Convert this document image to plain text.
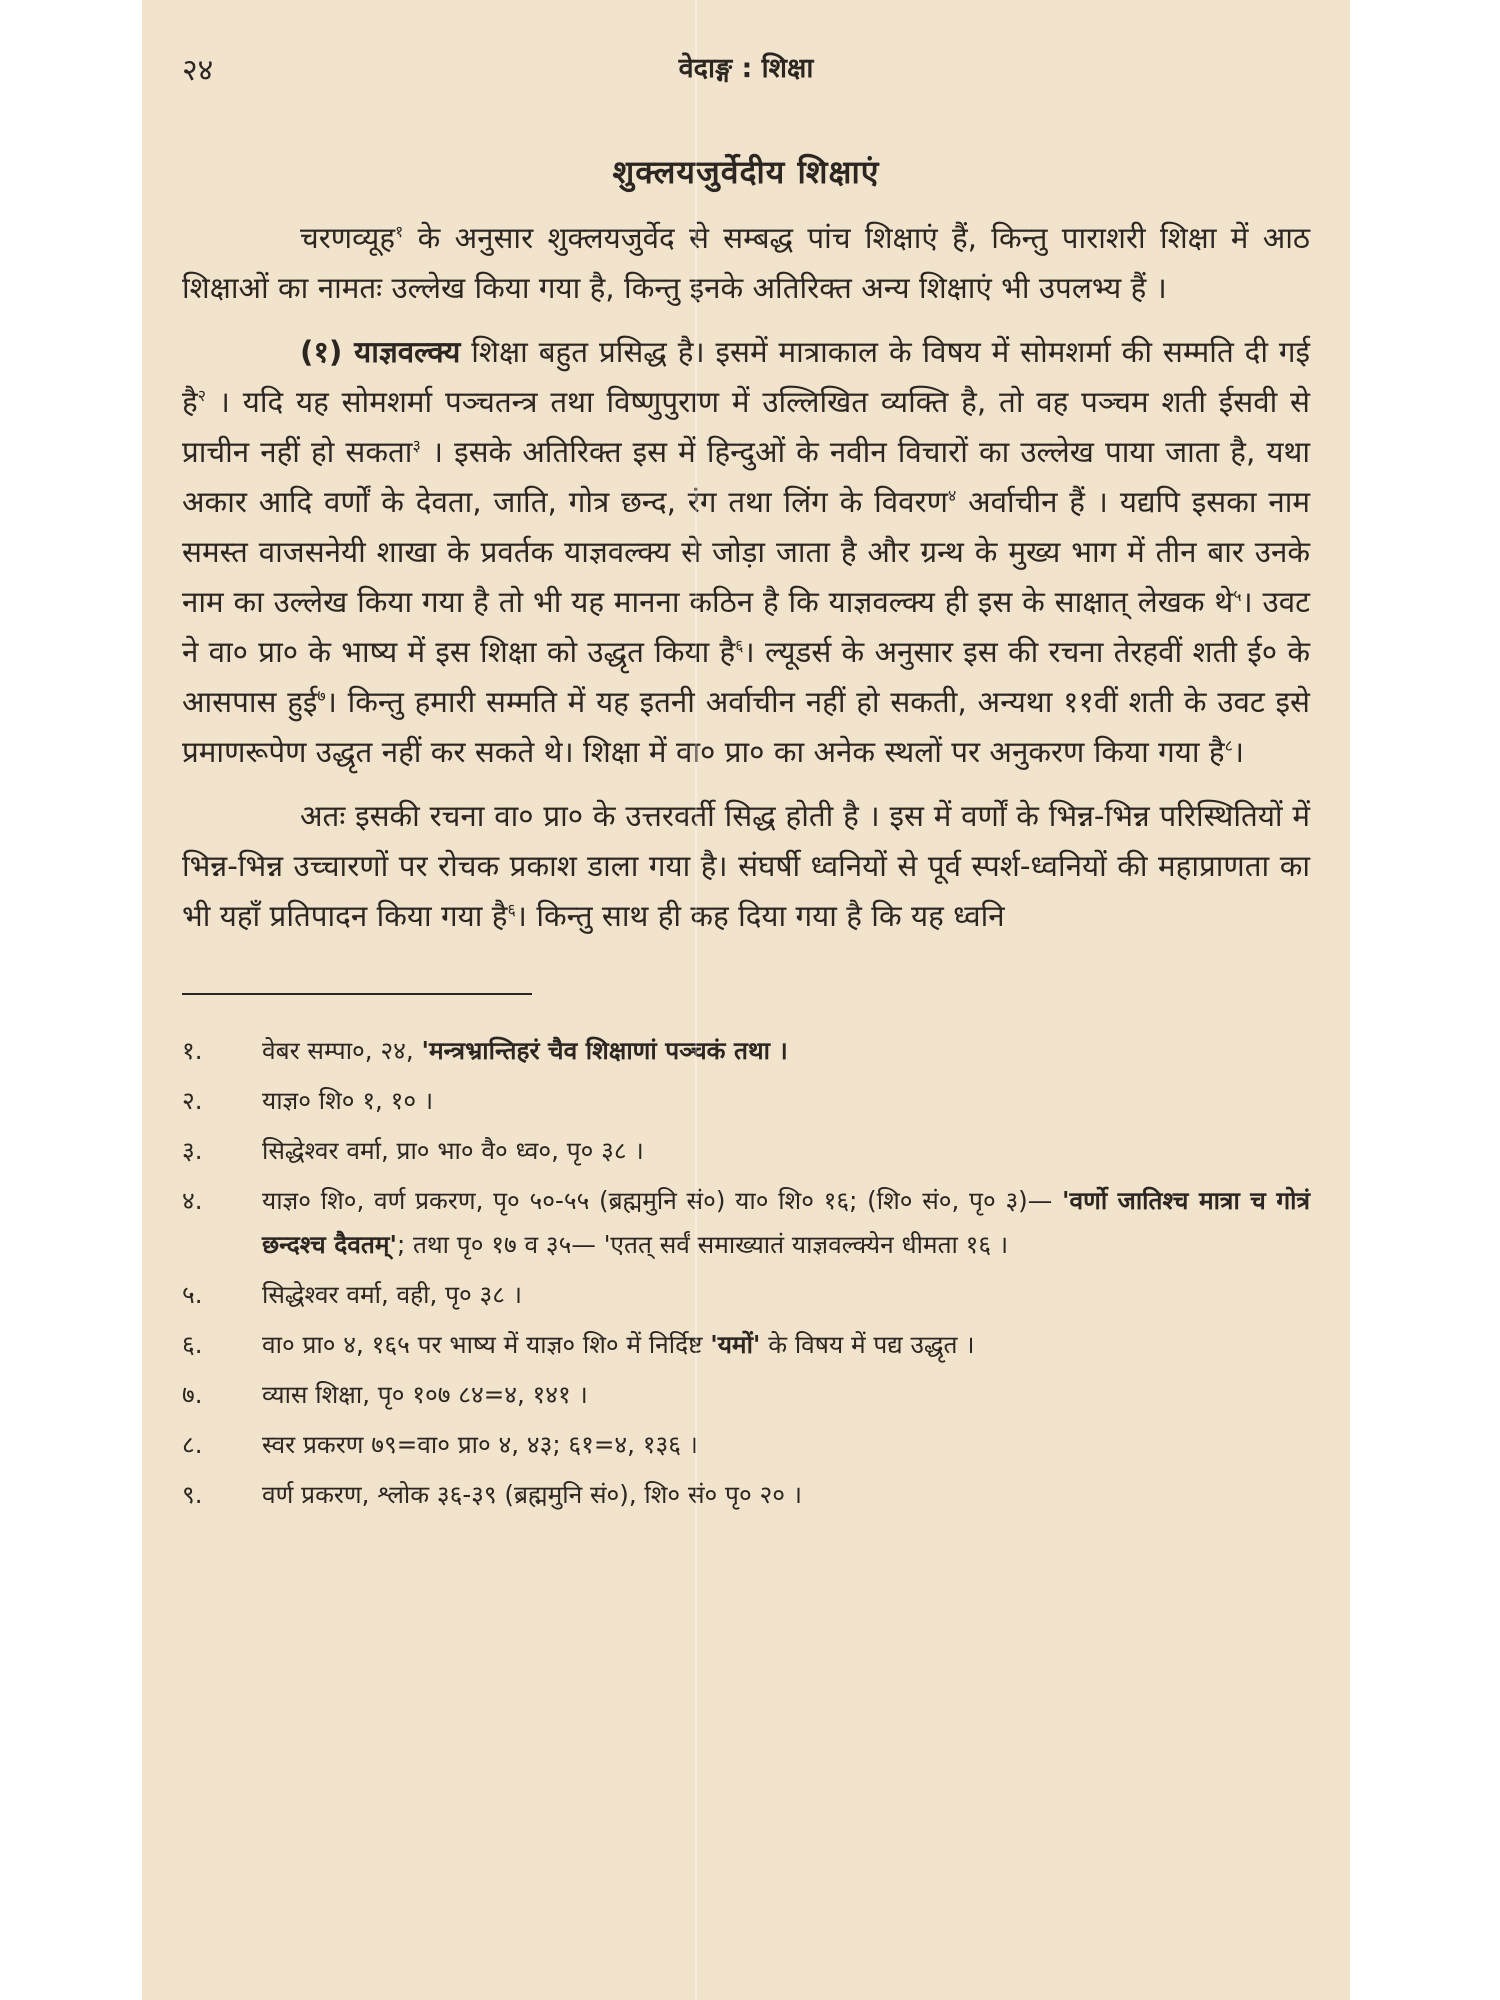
२४	वेदाङ्ग : शिक्षा
शुक्लयजुर्वेदीय शिक्षाएं

चरणव्यूह$^१$ के अनुसार शुक्लयजुर्वेद से सम्बद्ध पांच शिक्षाएं हैं, किन्तु पाराशरी शिक्षा में आठ शिक्षाओं का नामतः उल्लेख किया गया है, किन्तु इनके अतिरिक्त अन्य शिक्षाएं भी उपलभ्य हैं ।

(१) याज्ञवल्क्य शिक्षा बहुत प्रसिद्ध है। इसमें मात्राकाल के विषय में सोमशर्मा की सम्मति दी गई है$^२$ । यदि यह सोमशर्मा पञ्चतन्त्र तथा विष्णुपुराण में उल्लिखित व्यक्ति है, तो वह पञ्चम शती ईसवी से प्राचीन नहीं हो सकता$^३$ । इसके अतिरिक्त इस में हिन्दुओं के नवीन विचारों का उल्लेख पाया जाता है, यथा अकार आदि वर्णों के देवता, जाति, गोत्र छन्द, रंग तथा लिंग के विवरण$^४$ अर्वाचीन हैं । यद्यपि इसका नाम समस्त वाजसनेयी शाखा के प्रवर्तक याज्ञवल्क्य से जोड़ा जाता है और ग्रन्थ के मुख्य भाग में तीन बार उनके नाम का उल्लेख किया गया है तो भी यह मानना कठिन है कि याज्ञवल्क्य ही इस के साक्षात् लेखक थे$^५$। उवट ने वा० प्रा० के भाष्य में इस शिक्षा को उद्धृत किया है$^६$। ल्यूडर्स के अनुसार इस की रचना तेरहवीं शती ई० के आसपास हुई$^७$। किन्तु हमारी सम्मति में यह इतनी अर्वाचीन नहीं हो सकती, अन्यथा ११वीं शती के उवट इसे प्रमाणरूपेण उद्धृत नहीं कर सकते थे। शिक्षा में वा० प्रा० का अनेक स्थलों पर अनुकरण किया गया है$^८$।

अतः इसकी रचना वा० प्रा० के उत्तरवर्ती सिद्ध होती है । इस में वर्णों के भिन्न-भिन्न परिस्थितियों में भिन्न-भिन्न उच्चारणों पर रोचक प्रकाश डाला गया है। संघर्षी ध्वनियों से पूर्व स्पर्श-ध्वनियों की महाप्राणता का भी यहाँ प्रतिपादन किया गया है$^६$। किन्तु साथ ही कह दिया गया है कि यह ध्वनि

१.	वेबर सम्पा०, २४, 'मन्त्रभ्रान्तिहरं चैव शिक्षाणां पञ्चकं तथा ।
२.	याज्ञ० शि० १, १० ।
३.	सिद्धेश्वर वर्मा, प्रा० भा० वै० ध्व०, पृ० ३८ ।
४.	याज्ञ० शि०, वर्ण प्रकरण, पृ० ५०-५५ (ब्रह्ममुनि सं०) या० शि० १६; (शि० सं०, पृ० ३)— 'वर्णो जातिश्च मात्रा च गोत्रं छन्दश्च दैवतम्'; तथा पृ० १७ व ३५— 'एतत् सर्वं समाख्यातं याज्ञवल्क्येन धीमता १६ ।
५.	सिद्धेश्वर वर्मा, वही, पृ० ३८ ।
६.	वा० प्रा० ४, १६५ पर भाष्य में याज्ञ० शि० में निर्दिष्ट 'यमों' के विषय में पद्य उद्धृत ।
७.	व्यास शिक्षा, पृ० १०७ ८४=४, १४१ ।
८.	स्वर प्रकरण ७९=वा० प्रा० ४, ४३; ६१=४, १३६ ।
९.	वर्ण प्रकरण, श्लोक ३६-३९ (ब्रह्ममुनि सं०), शि० सं० पृ० २० ।
